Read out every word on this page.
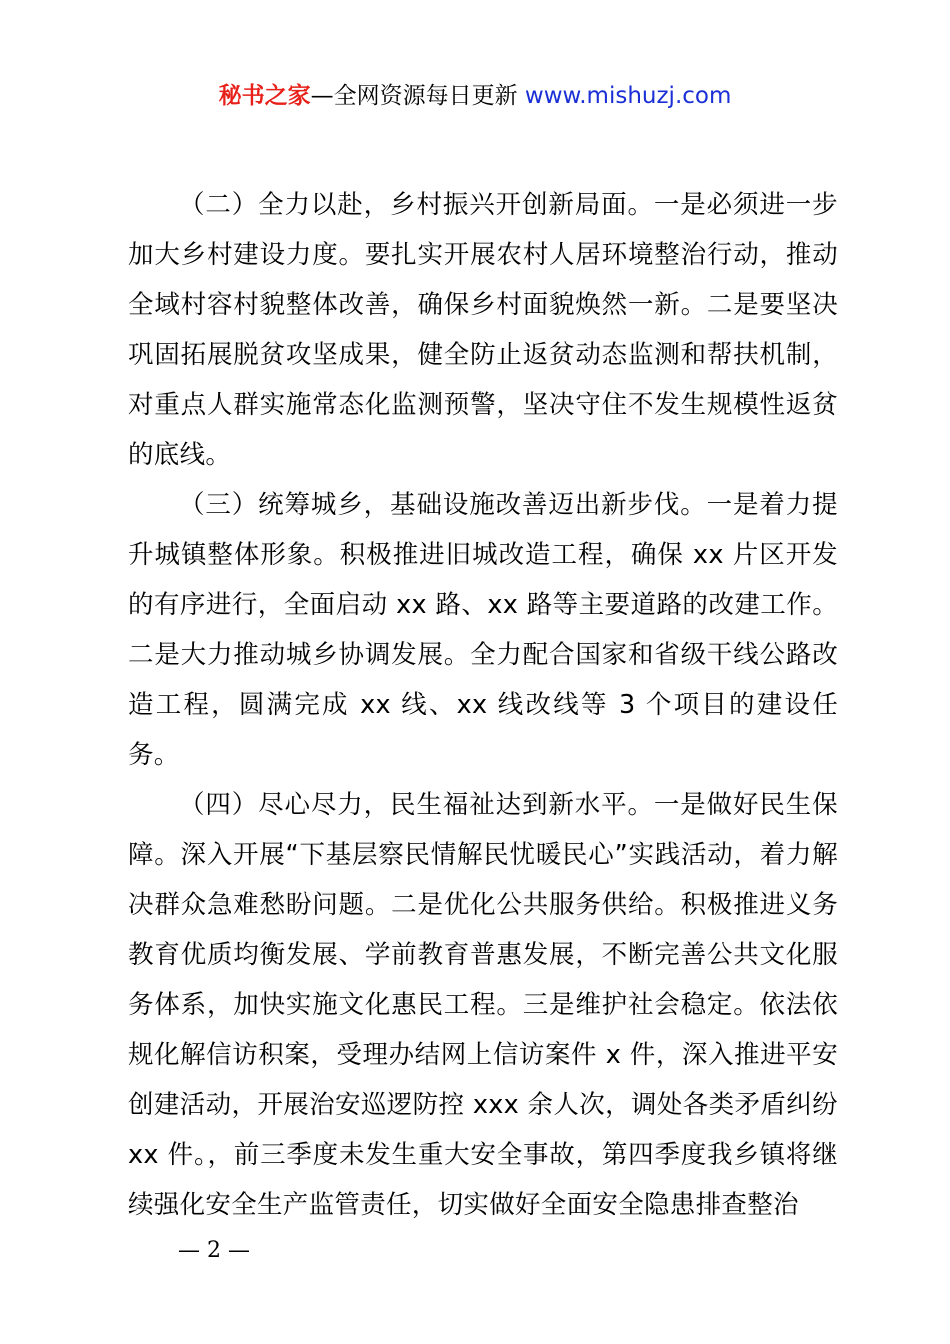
秘书之家—全网资源每日更新 www.mishuzj.com

（二）全力以赴，乡村振兴开创新局面。一是必须进一步加大乡村建设力度。要扎实开展农村人居环境整治行动，推动全域村容村貌整体改善，确保乡村面貌焕然一新。二是要坚决巩固拓展脱贫攻坚成果，健全防止返贫动态监测和帮扶机制，对重点人群实施常态化监测预警，坚决守住不发生规模性返贫的底线。

（三）统筹城乡，基础设施改善迈出新步伐。一是着力提升城镇整体形象。积极推进旧城改造工程，确保 xx 片区开发的有序进行，全面启动 xx 路、xx 路等主要道路的改建工作。二是大力推动城乡协调发展。全力配合国家和省级干线公路改造工程，圆满完成 xx 线、xx 线改线等 3 个项目的建设任务。

（四）尽心尽力，民生福祉达到新水平。一是做好民生保障。深入开展“下基层察民情解民忧暖民心”实践活动，着力解决群众急难愁盼问题。二是优化公共服务供给。积极推进义务教育优质均衡发展、学前教育普惠发展，不断完善公共文化服务体系，加快实施文化惠民工程。三是维护社会稳定。依法依规化解信访积案，受理办结网上信访案件 x 件，深入推进平安创建活动，开展治安巡逻防控 xxx 余人次，调处各类矛盾纠纷 xx 件。，前三季度未发生重大安全事故，第四季度我乡镇将继续强化安全生产监管责任，切实做好全面安全隐患排查整治

— 2 —
